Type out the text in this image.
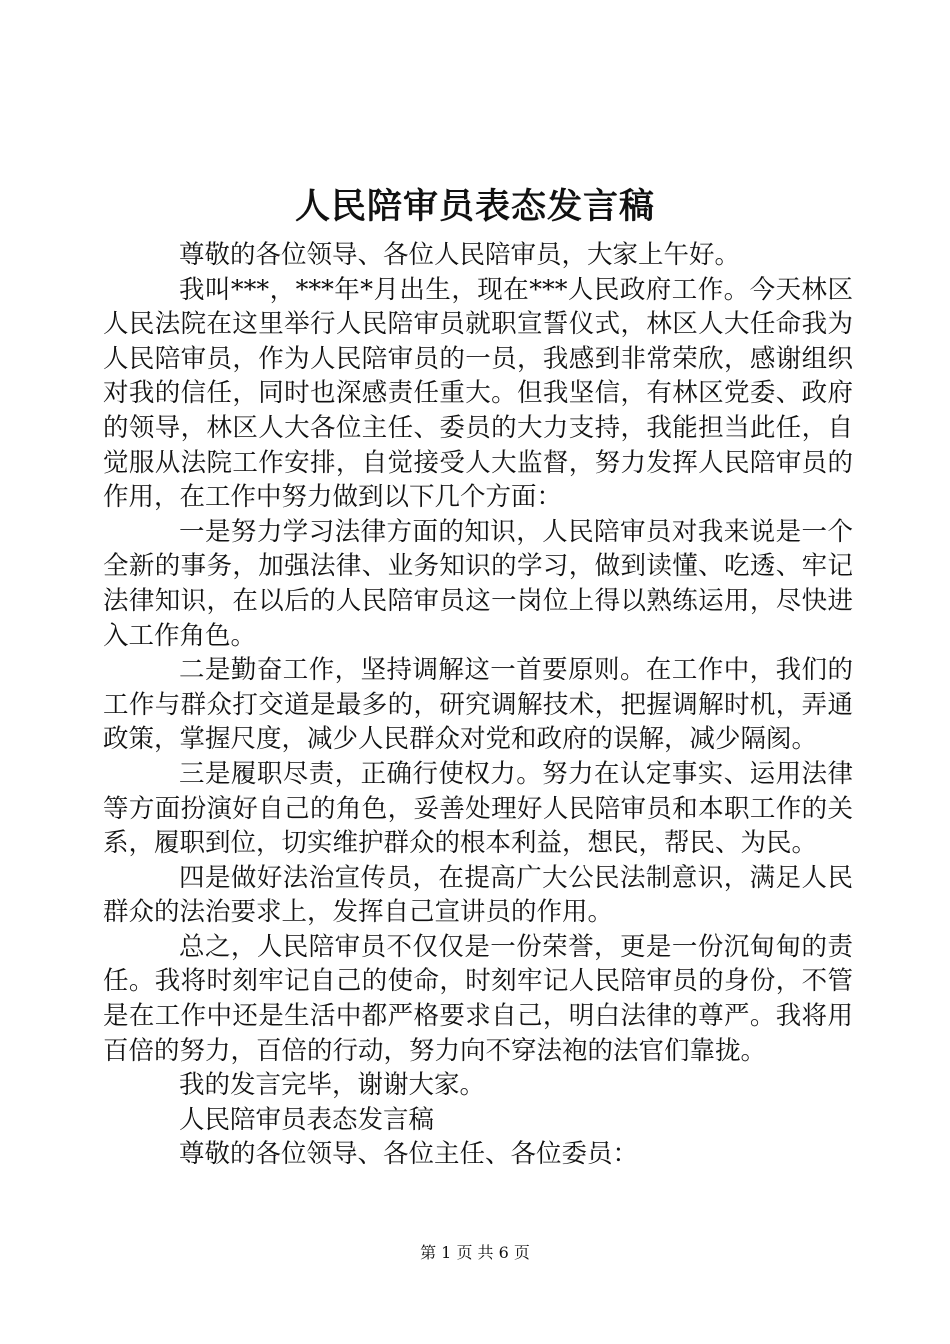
人民陪审员表态发言稿

尊敬的各位领导、各位人民陪审员，大家上午好。

我叫***，***年*月出生，现在***人民政府工作。今天林区人民法院在这里举行人民陪审员就职宣誓仪式，林区人大任命我为人民陪审员，作为人民陪审员的一员，我感到非常荣欣，感谢组织对我的信任，同时也深感责任重大。但我坚信，有林区党委、政府的领导，林区人大各位主任、委员的大力支持，我能担当此任，自觉服从法院工作安排，自觉接受人大监督，努力发挥人民陪审员的作用，在工作中努力做到以下几个方面：

一是努力学习法律方面的知识，人民陪审员对我来说是一个全新的事务，加强法律、业务知识的学习，做到读懂、吃透、牢记法律知识，在以后的人民陪审员这一岗位上得以熟练运用，尽快进入工作角色。

二是勤奋工作，坚持调解这一首要原则。在工作中，我们的工作与群众打交道是最多的，研究调解技术，把握调解时机，弄通政策，掌握尺度，减少人民群众对党和政府的误解，减少隔阂。

三是履职尽责，正确行使权力。努力在认定事实、运用法律等方面扮演好自己的角色，妥善处理好人民陪审员和本职工作的关系，履职到位，切实维护群众的根本利益，想民，帮民、为民。

四是做好法治宣传员，在提高广大公民法制意识，满足人民群众的法治要求上，发挥自己宣讲员的作用。

总之，人民陪审员不仅仅是一份荣誉，更是一份沉甸甸的责任。我将时刻牢记自己的使命，时刻牢记人民陪审员的身份，不管是在工作中还是生活中都严格要求自己，明白法律的尊严。我将用百倍的努力，百倍的行动，努力向不穿法袍的法官们靠拢。

我的发言完毕，谢谢大家。

人民陪审员表态发言稿

尊敬的各位领导、各位主任、各位委员：

第 1 页 共 6 页
